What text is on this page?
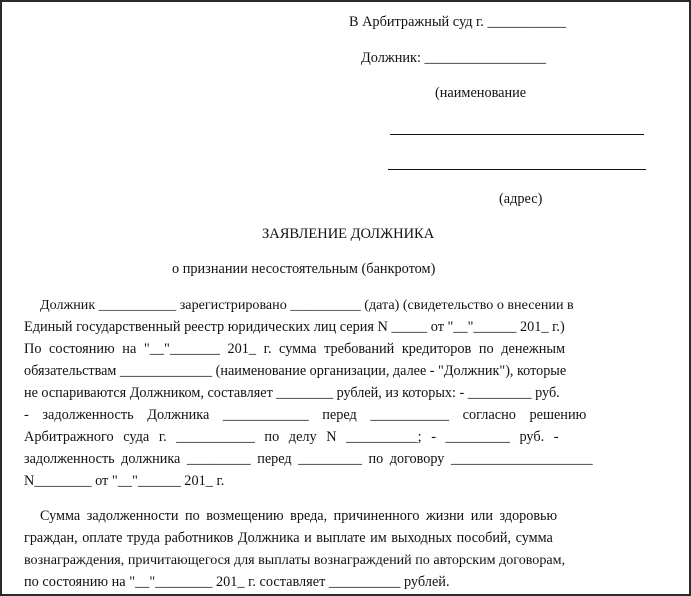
В Арбитражный суд г. ___________
Должник: _________________
(наименование
(адрес)
ЗАЯВЛЕНИЕ ДОЛЖНИКА
о признании несостоятельным (банкротом)
Должник ___________ зарегистрировано __________ (дата) (свидетельство о внесении в
Единый государственный реестр юридических лиц серия N _____ от "__"______ 201_ г.)
По состоянию на "__"_______ 201_ г. сумма требований кредиторов по денежным
обязательствам _____________ (наименование организации, далее - "Должник"), которые
не оспариваются Должником, составляет ________ рублей, из которых: - _________ руб.
- задолженность Должника ____________ перед ___________ согласно решению
Арбитражного суда г. ___________ по делу N __________; - _________ руб. -
задолженность должника _________ перед _________ по договору ____________________
N________ от "__"______ 201_ г.
Сумма задолженности по возмещению вреда, причиненного жизни или здоровью
граждан, оплате труда работников Должника и выплате им выходных пособий, сумма
вознаграждения, причитающегося для выплаты вознаграждений по авторским договорам,
по состоянию на "__"________ 201_ г. составляет __________ рублей.
